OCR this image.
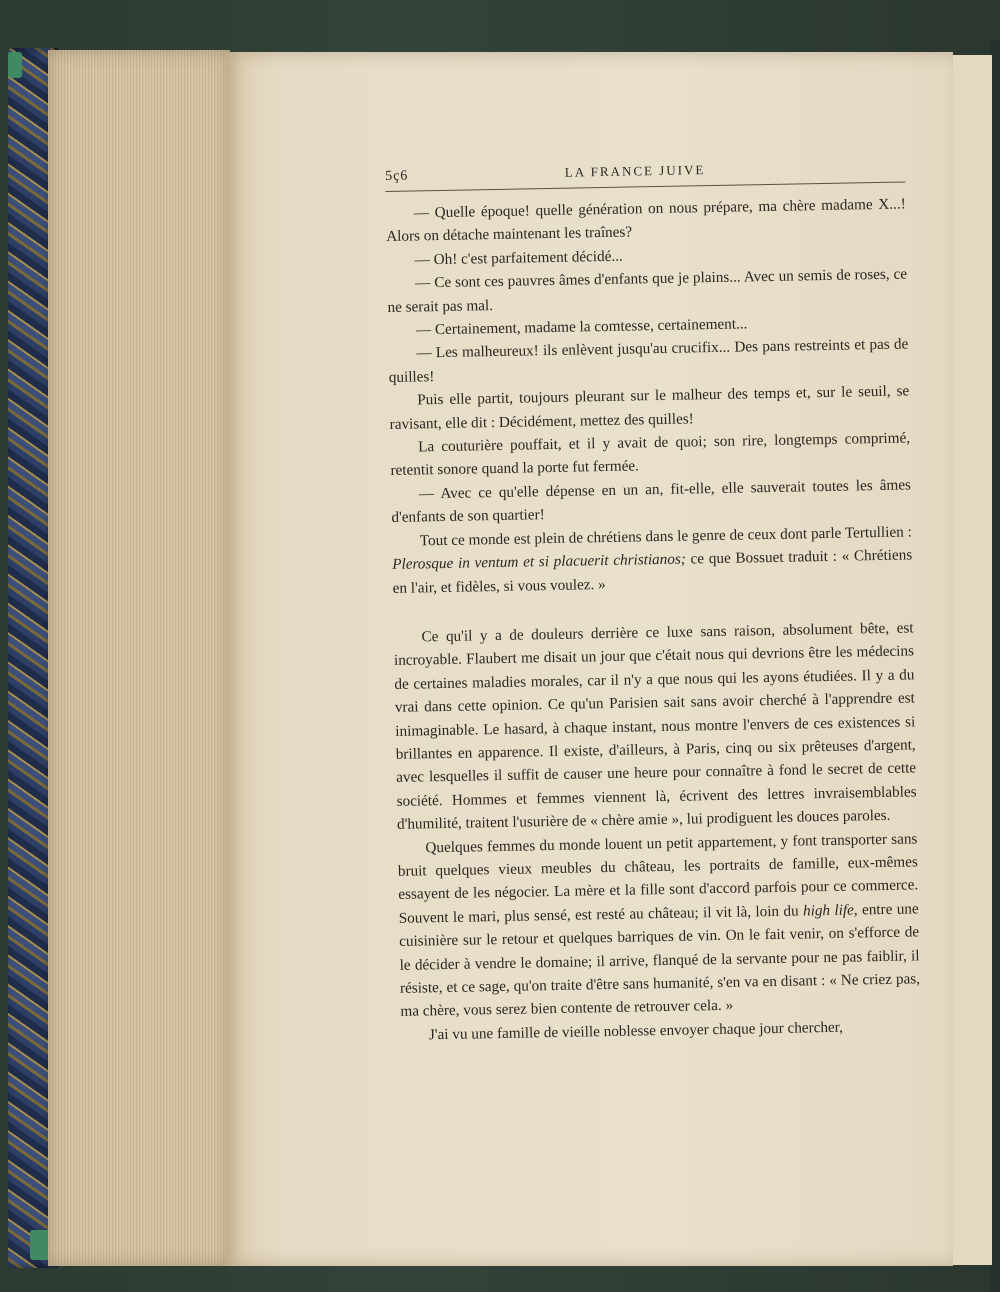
5ç6	LA FRANCE JUIVE

— Quelle époque! quelle génération on nous prépare, ma chère madame X...! Alors on détache maintenant les traînes?

— Oh! c'est parfaitement décidé...

— Ce sont ces pauvres âmes d'enfants que je plains... Avec un semis de roses, ce ne serait pas mal.

— Certainement, madame la comtesse, certainement...

— Les malheureux! ils enlèvent jusqu'au crucifix... Des pans restreints et pas de quilles!

Puis elle partit, toujours pleurant sur le malheur des temps et, sur le seuil, se ravisant, elle dit : Décidément, mettez des quilles!

La couturière pouffait, et il y avait de quoi; son rire, longtemps comprimé, retentit sonore quand la porte fut fermée.

— Avec ce qu'elle dépense en un an, fit-elle, elle sauverait toutes les âmes d'enfants de son quartier!

Tout ce monde est plein de chrétiens dans le genre de ceux dont parle Tertullien : Plerosque in ventum et si placuerit christianos; ce que Bossuet traduit : « Chrétiens en l'air, et fidèles, si vous voulez. »

Ce qu'il y a de douleurs derrière ce luxe sans raison, absolument bête, est incroyable. Flaubert me disait un jour que c'était nous qui devrions être les médecins de certaines maladies morales, car il n'y a que nous qui les ayons étudiées. Il y a du vrai dans cette opinion. Ce qu'un Parisien sait sans avoir cherché à l'apprendre est inimaginable. Le hasard, à chaque instant, nous montre l'envers de ces existences si brillantes en apparence. Il existe, d'ailleurs, à Paris, cinq ou six prêteuses d'argent, avec lesquelles il suffit de causer une heure pour connaître à fond le secret de cette société. Hommes et femmes viennent là, écrivent des lettres invraisemblables d'humilité, traitent l'usurière de « chère amie », lui prodiguent les douces paroles.

Quelques femmes du monde louent un petit appartement, y font transporter sans bruit quelques vieux meubles du château, les portraits de famille, eux-mêmes essayent de les négocier. La mère et la fille sont d'accord parfois pour ce commerce. Souvent le mari, plus sensé, est resté au château; il vit là, loin du high life, entre une cuisinière sur le retour et quelques barriques de vin. On le fait venir, on s'efforce de le décider à vendre le domaine; il arrive, flanqué de la servante pour ne pas faiblir, il résiste, et ce sage, qu'on traite d'être sans humanité, s'en va en disant : « Ne criez pas, ma chère, vous serez bien contente de retrouver cela. »

J'ai vu une famille de vieille noblesse envoyer chaque jour chercher,
